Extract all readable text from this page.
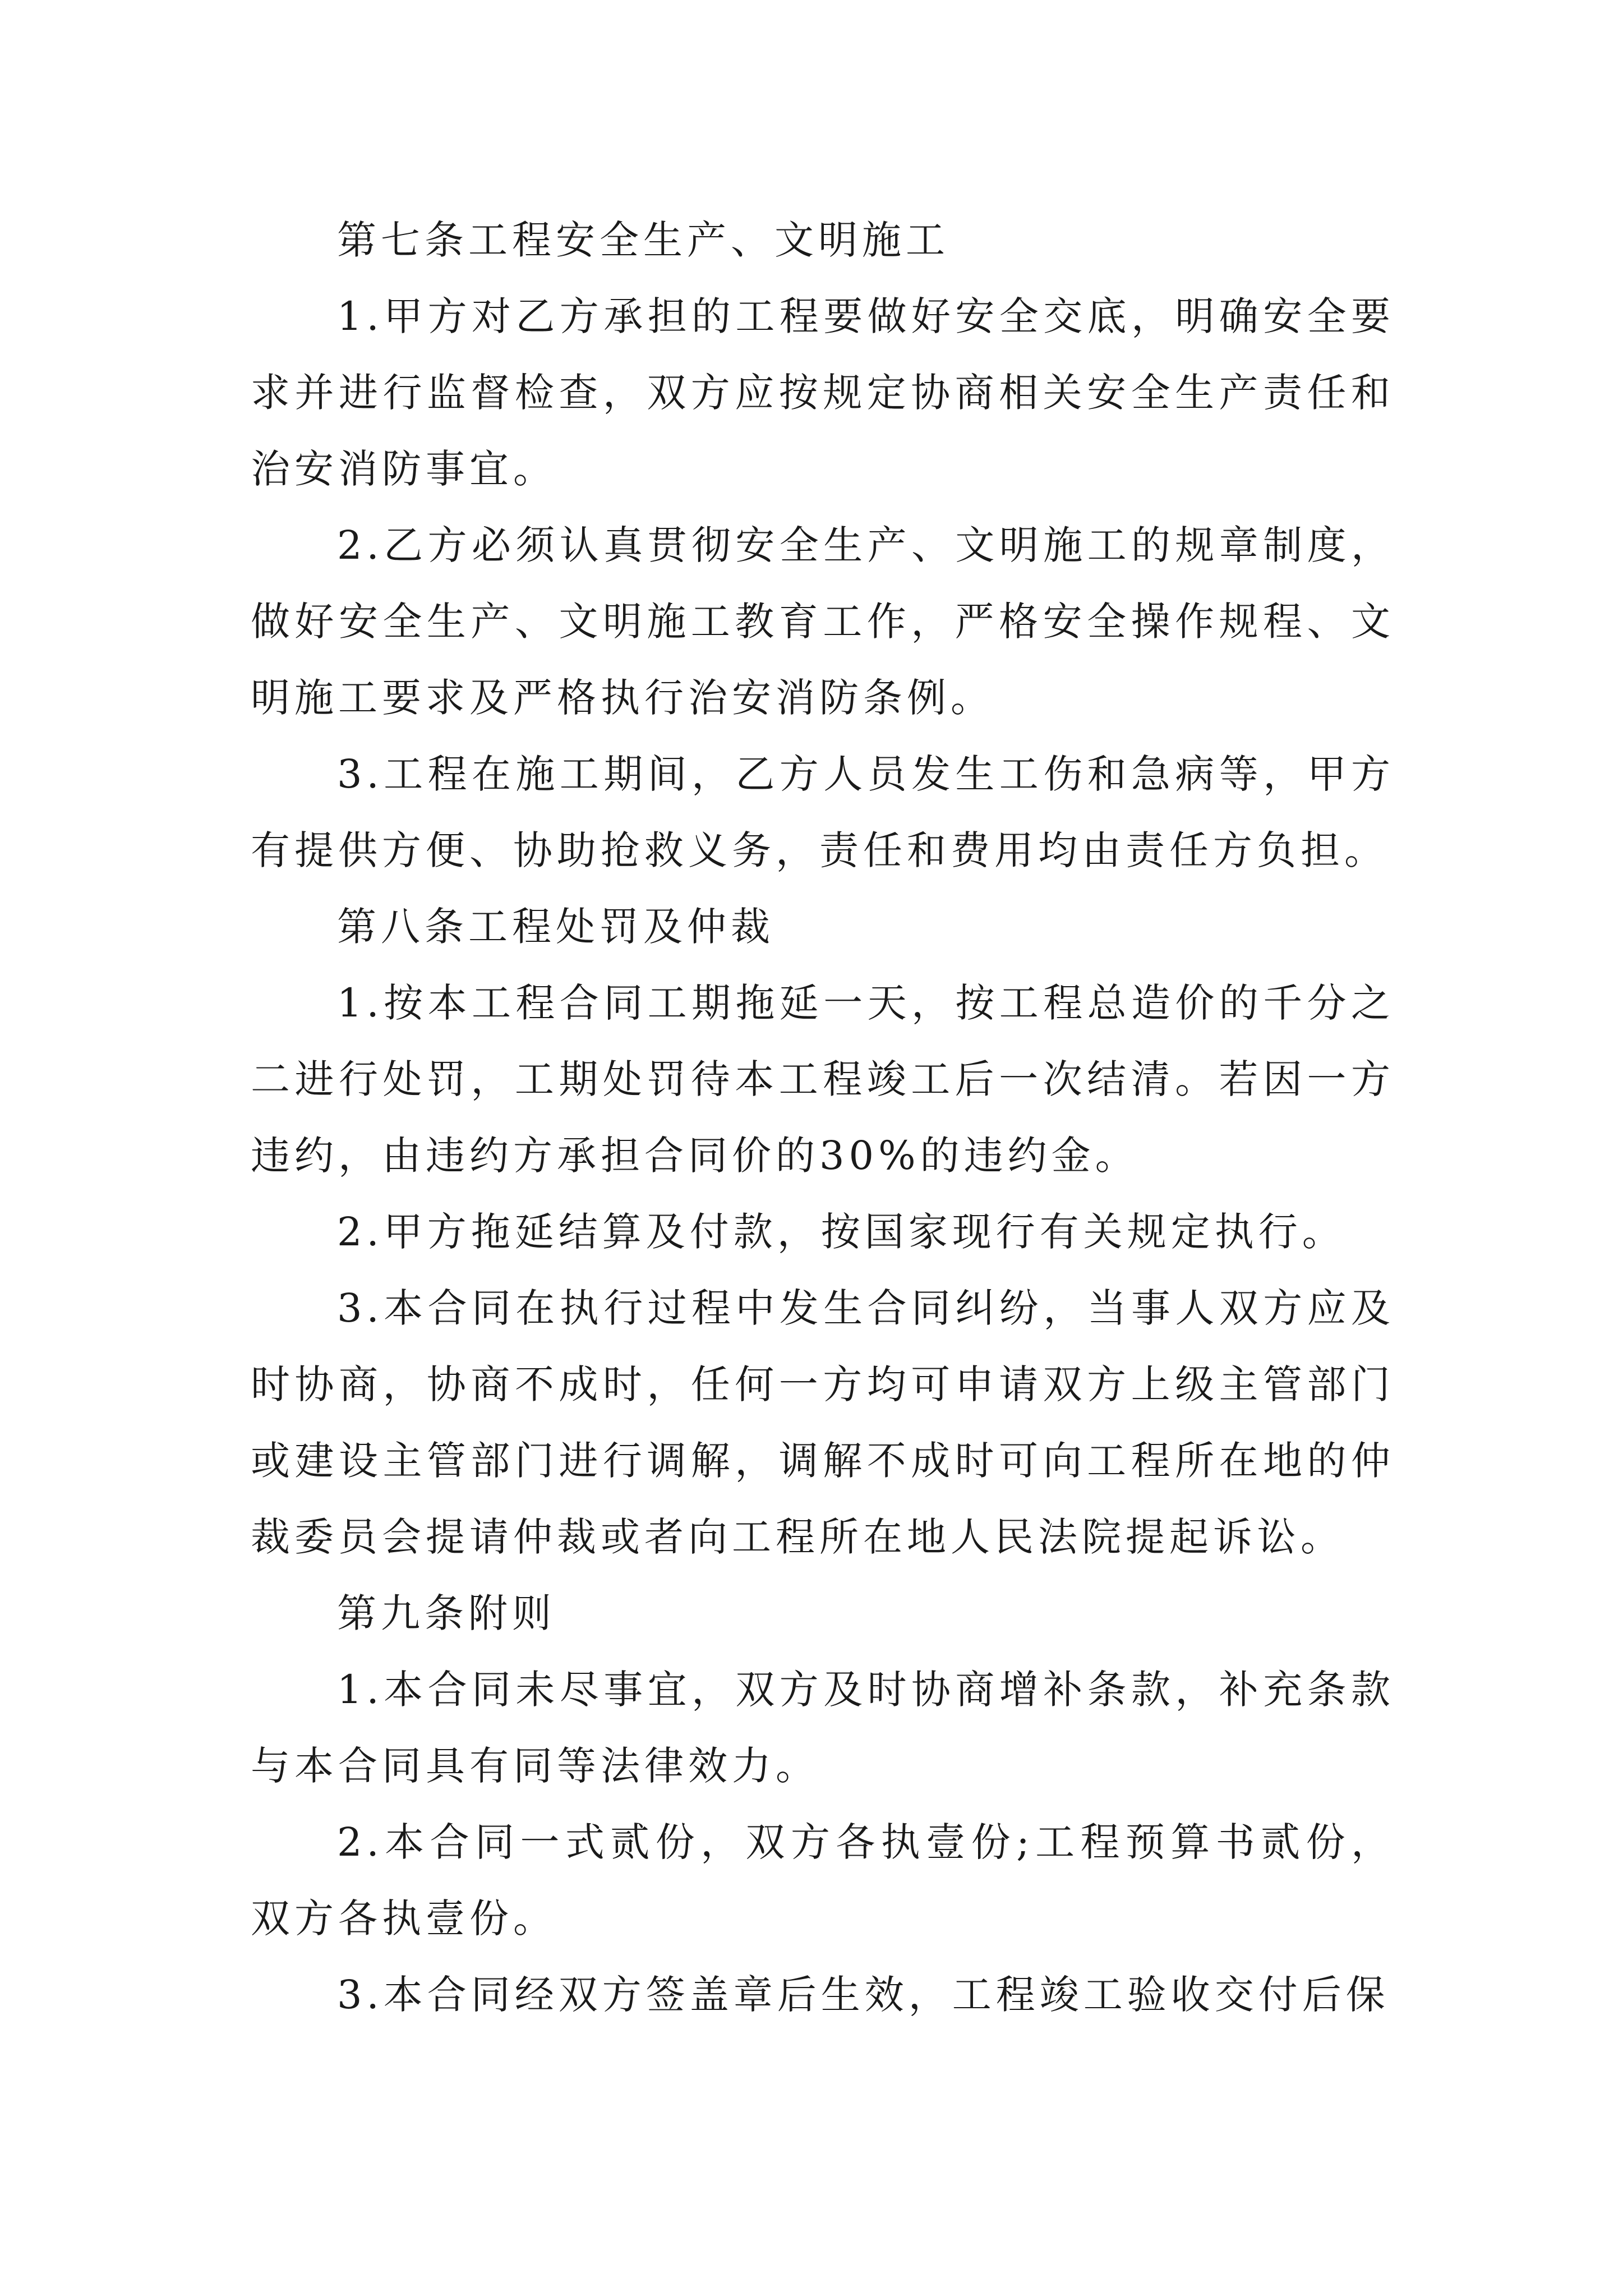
第七条工程安全生产、文明施工

1.甲方对乙方承担的工程要做好安全交底，明确安全要求并进行监督检查，双方应按规定协商相关安全生产责任和治安消防事宜。

2.乙方必须认真贯彻安全生产、文明施工的规章制度，做好安全生产、文明施工教育工作，严格安全操作规程、文明施工要求及严格执行治安消防条例。

3.工程在施工期间，乙方人员发生工伤和急病等，甲方有提供方便、协助抢救义务，责任和费用均由责任方负担。

第八条工程处罚及仲裁

1.按本工程合同工期拖延一天，按工程总造价的千分之二进行处罚，工期处罚待本工程竣工后一次结清。若因一方违约，由违约方承担合同价的30%的违约金。

2.甲方拖延结算及付款，按国家现行有关规定执行。

3.本合同在执行过程中发生合同纠纷，当事人双方应及时协商，协商不成时，任何一方均可申请双方上级主管部门或建设主管部门进行调解，调解不成时可向工程所在地的仲裁委员会提请仲裁或者向工程所在地人民法院提起诉讼。

第九条附则

1.本合同未尽事宜，双方及时协商增补条款，补充条款与本合同具有同等法律效力。

2.本合同一式贰份，双方各执壹份;工程预算书贰份，双方各执壹份。

3.本合同经双方签盖章后生效，工程竣工验收交付后保
